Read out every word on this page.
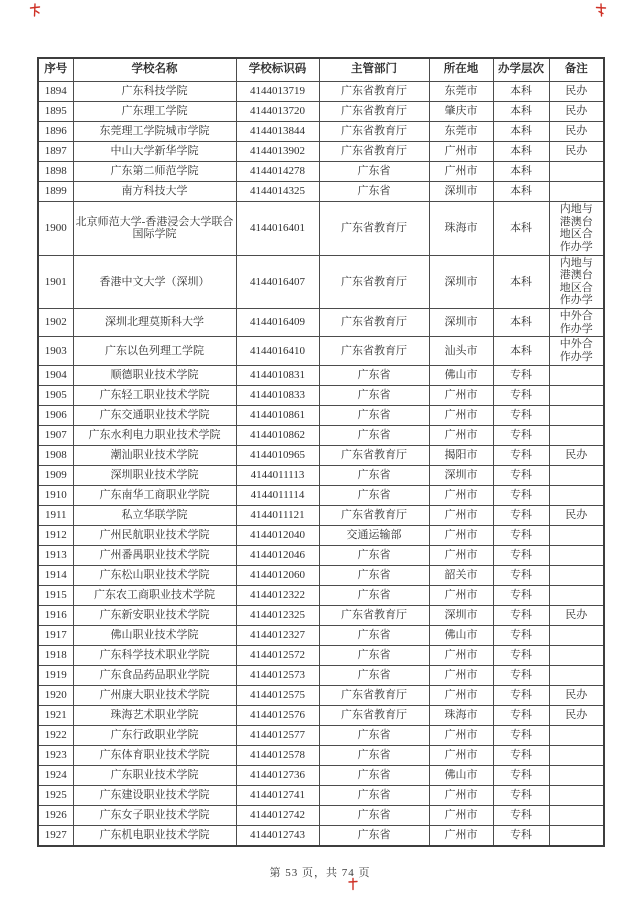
序号	学校名称	学校标识码	主管部门	所在地	办学层次	备注
1894	广东科技学院	4144013719	广东省教育厅	东莞市	本科	民办
1895	广东理工学院	4144013720	广东省教育厅	肇庆市	本科	民办
1896	东莞理工学院城市学院	4144013844	广东省教育厅	东莞市	本科	民办
1897	中山大学新华学院	4144013902	广东省教育厅	广州市	本科	民办
1898	广东第二师范学院	4144014278	广东省	广州市	本科	
1899	南方科技大学	4144014325	广东省	深圳市	本科	
1900	北京师范大学-香港浸会大学联合国际学院	4144016401	广东省教育厅	珠海市	本科	内地与港澳台地区合作办学
1901	香港中文大学（深圳）	4144016407	广东省教育厅	深圳市	本科	内地与港澳台地区合作办学
1902	深圳北理莫斯科大学	4144016409	广东省教育厅	深圳市	本科	中外合作办学
1903	广东以色列理工学院	4144016410	广东省教育厅	汕头市	本科	中外合作办学
1904	顺德职业技术学院	4144010831	广东省	佛山市	专科	
1905	广东轻工职业技术学院	4144010833	广东省	广州市	专科	
1906	广东交通职业技术学院	4144010861	广东省	广州市	专科	
1907	广东水利电力职业技术学院	4144010862	广东省	广州市	专科	
1908	潮汕职业技术学院	4144010965	广东省教育厅	揭阳市	专科	民办
1909	深圳职业技术学院	4144011113	广东省	深圳市	专科	
1910	广东南华工商职业学院	4144011114	广东省	广州市	专科	
1911	私立华联学院	4144011121	广东省教育厅	广州市	专科	民办
1912	广州民航职业技术学院	4144012040	交通运输部	广州市	专科	
1913	广州番禺职业技术学院	4144012046	广东省	广州市	专科	
1914	广东松山职业技术学院	4144012060	广东省	韶关市	专科	
1915	广东农工商职业技术学院	4144012322	广东省	广州市	专科	
1916	广东新安职业技术学院	4144012325	广东省教育厅	深圳市	专科	民办
1917	佛山职业技术学院	4144012327	广东省	佛山市	专科	
1918	广东科学技术职业学院	4144012572	广东省	广州市	专科	
1919	广东食品药品职业学院	4144012573	广东省	广州市	专科	
1920	广州康大职业技术学院	4144012575	广东省教育厅	广州市	专科	民办
1921	珠海艺术职业学院	4144012576	广东省教育厅	珠海市	专科	民办
1922	广东行政职业学院	4144012577	广东省	广州市	专科	
1923	广东体育职业技术学院	4144012578	广东省	广州市	专科	
1924	广东职业技术学院	4144012736	广东省	佛山市	专科	
1925	广东建设职业技术学院	4144012741	广东省	广州市	专科	
1926	广东女子职业技术学院	4144012742	广东省	广州市	专科	
1927	广东机电职业技术学院	4144012743	广东省	广州市	专科	
第 53 页，共 74 页
